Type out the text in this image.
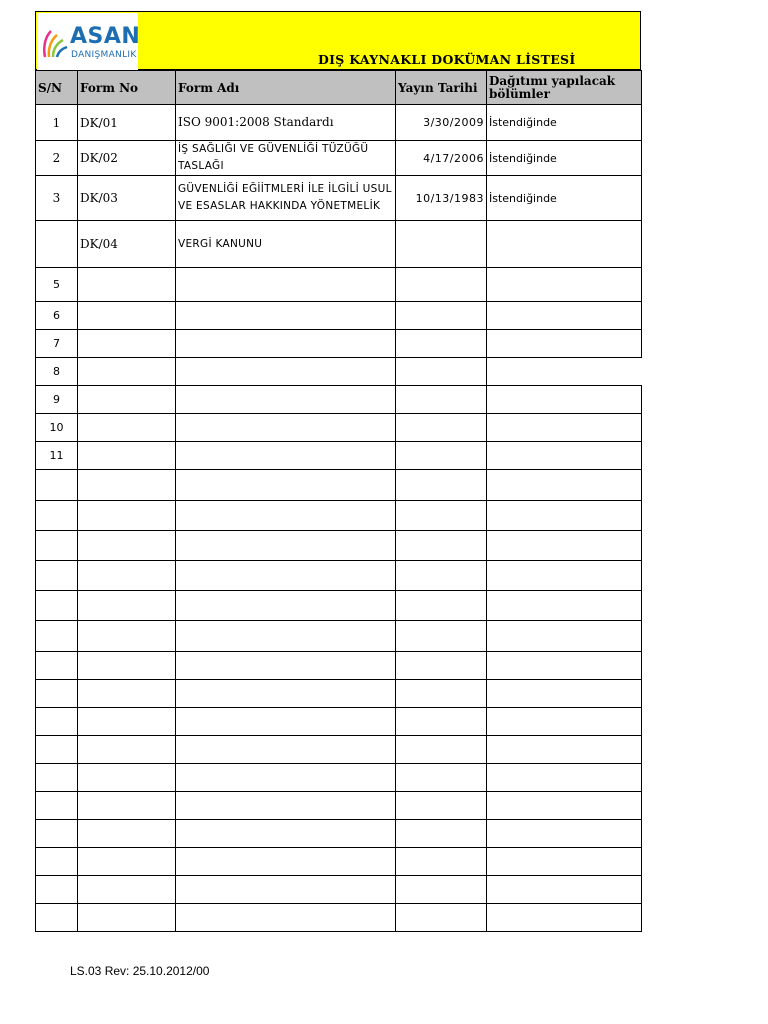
ASAN
DANIŞMANLIK	DIŞ KAYNAKLI DOKÜMAN LİSTESİ
S/N	Form No	Form Adı	Yayın Tarihi	Dağıtımı yapılacak bölümler
1	DK/01	ISO 9001:2008 Standardı	3/30/2009	İstendiğinde
2	DK/02	İŞ SAĞLIĞI VE GÜVENLİĞİ TÜZÜĞÜ TASLAĞI	4/17/2006	İstendiğinde
3	DK/03	GÜVENLİĞİ EĞİİTMLERİ İLE İLGİLİ USUL VE ESASLAR HAKKINDA YÖNETMELİK	10/13/1983	İstendiğinde
	DK/04	VERGİ KANUNU		
5				
6				
7				
8				
9				
10				
11				

LS.03 Rev: 25.10.2012/00
